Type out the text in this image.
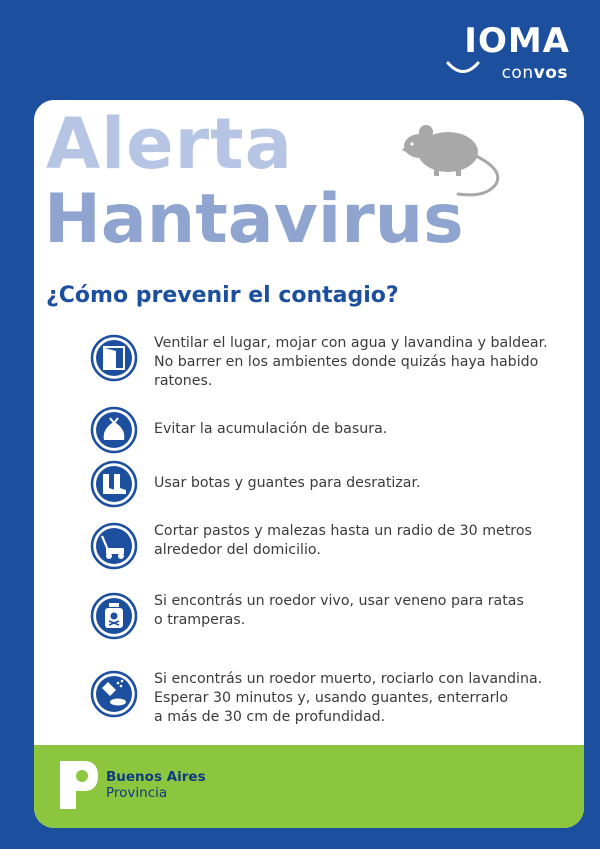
IOMA
convos
Alerta
Hantavirus
¿Cómo prevenir el contagio?
Ventilar el lugar, mojar con agua y lavandina y baldear.
No barrer en los ambientes donde quizás haya habido
ratones.
Evitar la acumulación de basura.
Usar botas y guantes para desratizar.
Cortar pastos y malezas hasta un radio de 30 metros
alrededor del domicilio.
Si encontrás un roedor vivo, usar veneno para ratas
o tramperas.
Si encontrás un roedor muerto, rociarlo con lavandina.
Esperar 30 minutos y, usando guantes, enterrarlo
a más de 30 cm de profundidad.
Buenos Aires
Provincia
